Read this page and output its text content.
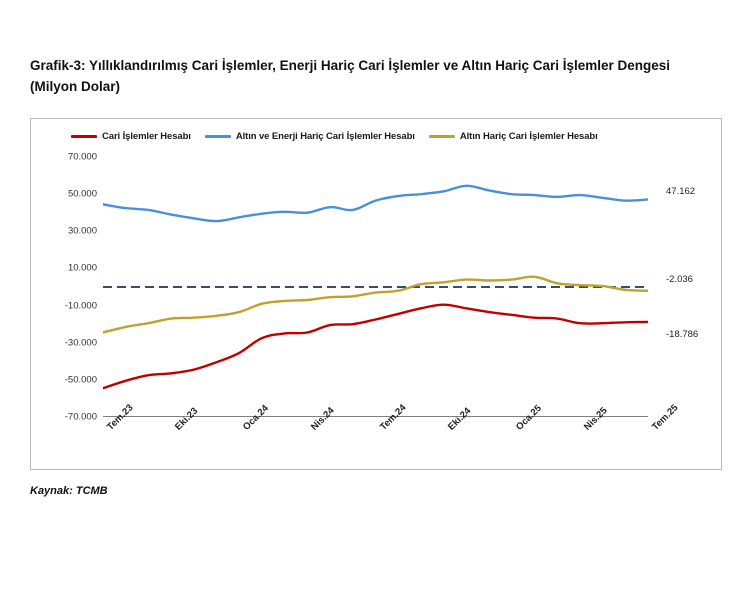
Grafik-3: Yıllıklandırılmış Cari İşlemler, Enerji Hariç Cari İşlemler ve Altın Hariç Cari İşlemler Dengesi (Milyon Dolar)
Cari İşlemler Hesabı	Altın ve Enerji Hariç Cari İşlemler Hesabı	Altın Hariç Cari İşlemler Hesabı
70.000
50.000
30.000
10.000
-10.000
-30.000
-50.000
-70.000 Tem.23	Eki.23	Oca.24	Nis.24	Tem.24	Eki.24	Oca.25	Nis.25	Tem.25
47.162
-2.036
-18.786
Kaynak: TCMB
